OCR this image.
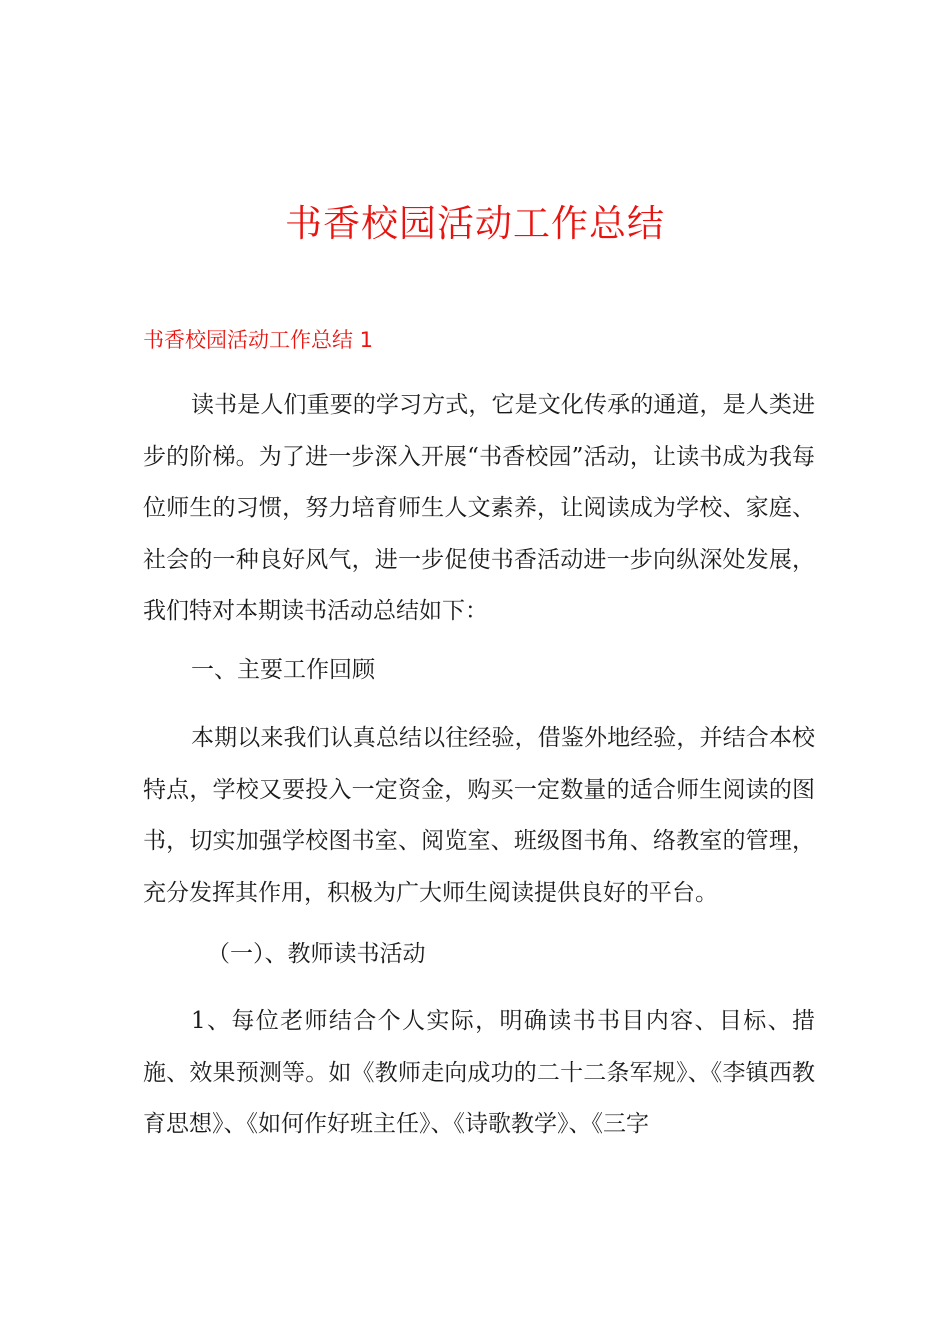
书香校园活动工作总结
书香校园活动工作总结 1

读书是人们重要的学习方式，它是文化传承的通道，是人类进步的阶梯。为了进一步深入开展“书香校园”活动，让读书成为我每位师生的习惯，努力培育师生人文素养，让阅读成为学校、家庭、社会的一种良好风气，进一步促使书香活动进一步向纵深处发展，我们特对本期读书活动总结如下：

一、主要工作回顾

本期以来我们认真总结以往经验，借鉴外地经验，并结合本校特点，学校又要投入一定资金，购买一定数量的适合师生阅读的图书，切实加强学校图书室、阅览室、班级图书角、络教室的管理，充分发挥其作用，积极为广大师生阅读提供良好的平台。

（一）、教师读书活动

1、每位老师结合个人实际，明确读书书目内容、目标、措施、效果预测等。如《教师走向成功的二十二条军规》、《李镇西教育思想》、《如何作好班主任》、《诗歌教学》、《三字
